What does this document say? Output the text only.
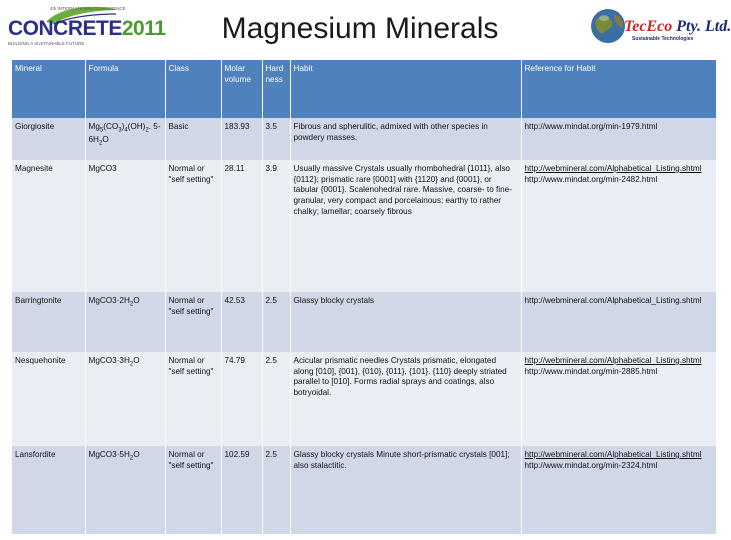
4th INTERNATIONAL CONFERENCE
CONCRETE2011
BUILDING A SUSTAINABLE FUTURE	Magnesium Minerals	TecEco Pty. Ltd.
Sustainable Technologies
Mineral	Formula	Class	Molar volume	Hard ness	Habit	Reference for Habit
Giorgiosite	$Mg_5(CO_3)_4(OH)_2$. $5-6H_2O$	Basic	183.93	3.5	Fibrous and spherulitic, admixed with other species in powdery masses.	http://www.mindat.org/min-1979.html
Magnesite	MgCO3	Normal or "self setting"	28.11	3.9	Usually massive Crystals usually rhombohedral {1011}, also {0112}; prismatic rare [0001] with {1120} and {0001}, or tabular {0001}. Scalenohedral rare. Massive, coarse- to fine-granular, very compact and porcelainous; earthy to rather chalky; lamellar; coarsely fibrous	http://webmineral.com/Alphabetical_Listing.shtml
http://www.mindat.org/min-2482.html
Barringtonite	$MgCO3\cdot 2H_2O$	Normal or "self setting"	42.53	2.5	Glassy blocky crystals	http://webmineral.com/Alphabetical_Listing.shtml
Nesquehonite	$MgCO3\cdot 3H_2O$	Normal or "self setting"	74.79	2.5	Acicular prismatic needles Crystals prismatic, elongated along [010], {001}, {010}, {011}, {101}. {110} deeply striated parallel to [010]. Forms radial sprays and coatings, also botryoidal.	http://webmineral.com/Alphabetical_Listing.shtml
http://www.mindat.org/min-2885.html
Lansfordite	$MgCO3\cdot 5H_2O$	Normal or "self setting"	102.59	2.5	Glassy blocky crystals Minute short-prismatic crystals [001]; also stalactitic.	http://webmineral.com/Alphabetical_Listing.shtml
http://www.mindat.org/min-2324.html
